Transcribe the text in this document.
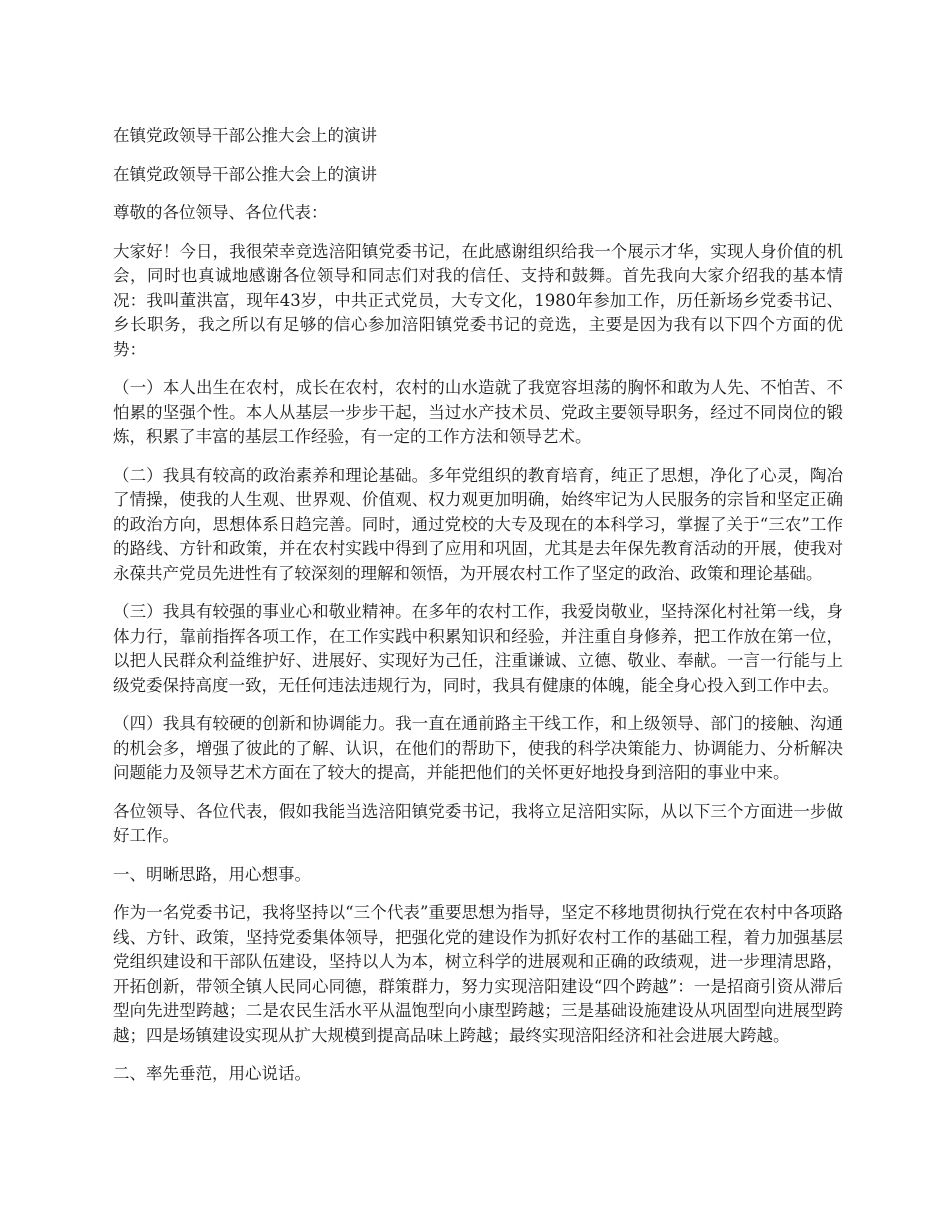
在镇党政领导干部公推大会上的演讲

在镇党政领导干部公推大会上的演讲

尊敬的各位领导、各位代表：

大家好！今日，我很荣幸竞选涪阳镇党委书记，在此感谢组织给我一个展示才华，实现人身价值的机会，同时也真诚地感谢各位领导和同志们对我的信任、支持和鼓舞。首先我向大家介绍我的基本情况：我叫董洪富，现年43岁，中共正式党员，大专文化，1980年参加工作，历任新场乡党委书记、乡长职务，我之所以有足够的信心参加涪阳镇党委书记的竞选，主要是因为我有以下四个方面的优势：

（一）本人出生在农村，成长在农村，农村的山水造就了我宽容坦荡的胸怀和敢为人先、不怕苦、不怕累的坚强个性。本人从基层一步步干起，当过水产技术员、党政主要领导职务，经过不同岗位的锻炼，积累了丰富的基层工作经验，有一定的工作方法和领导艺术。

（二）我具有较高的政治素养和理论基础。多年党组织的教育培育，纯正了思想，净化了心灵，陶冶了情操，使我的人生观、世界观、价值观、权力观更加明确，始终牢记为人民服务的宗旨和坚定正确的政治方向，思想体系日趋完善。同时，通过党校的大专及现在的本科学习，掌握了关于“三农”工作的路线、方针和政策，并在农村实践中得到了应用和巩固，尤其是去年保先教育活动的开展，使我对永葆共产党员先进性有了较深刻的理解和领悟，为开展农村工作了坚定的政治、政策和理论基础。

（三）我具有较强的事业心和敬业精神。在多年的农村工作，我爱岗敬业，坚持深化村社第一线，身体力行，靠前指挥各项工作，在工作实践中积累知识和经验，并注重自身修养，把工作放在第一位，以把人民群众利益维护好、进展好、实现好为己任，注重谦诚、立德、敬业、奉献。一言一行能与上级党委保持高度一致，无任何违法违规行为，同时，我具有健康的体魄，能全身心投入到工作中去。

（四）我具有较硬的创新和协调能力。我一直在通前路主干线工作，和上级领导、部门的接触、沟通的机会多，增强了彼此的了解、认识，在他们的帮助下，使我的科学决策能力、协调能力、分析解决问题能力及领导艺术方面在了较大的提高，并能把他们的关怀更好地投身到涪阳的事业中来。

各位领导、各位代表，假如我能当选涪阳镇党委书记，我将立足涪阳实际，从以下三个方面进一步做好工作。

一、明晰思路，用心想事。

作为一名党委书记，我将坚持以“三个代表”重要思想为指导，坚定不移地贯彻执行党在农村中各项路线、方针、政策，坚持党委集体领导，把强化党的建设作为抓好农村工作的基础工程，着力加强基层党组织建设和干部队伍建设，坚持以人为本，树立科学的进展观和正确的政绩观，进一步理清思路，开拓创新，带领全镇人民同心同德，群策群力，努力实现涪阳建设“四个跨越”：一是招商引资从滞后型向先进型跨越；二是农民生活水平从温饱型向小康型跨越；三是基础设施建设从巩固型向进展型跨越；四是场镇建设实现从扩大规模到提高品味上跨越；最终实现涪阳经济和社会进展大跨越。

二、率先垂范，用心说话。
